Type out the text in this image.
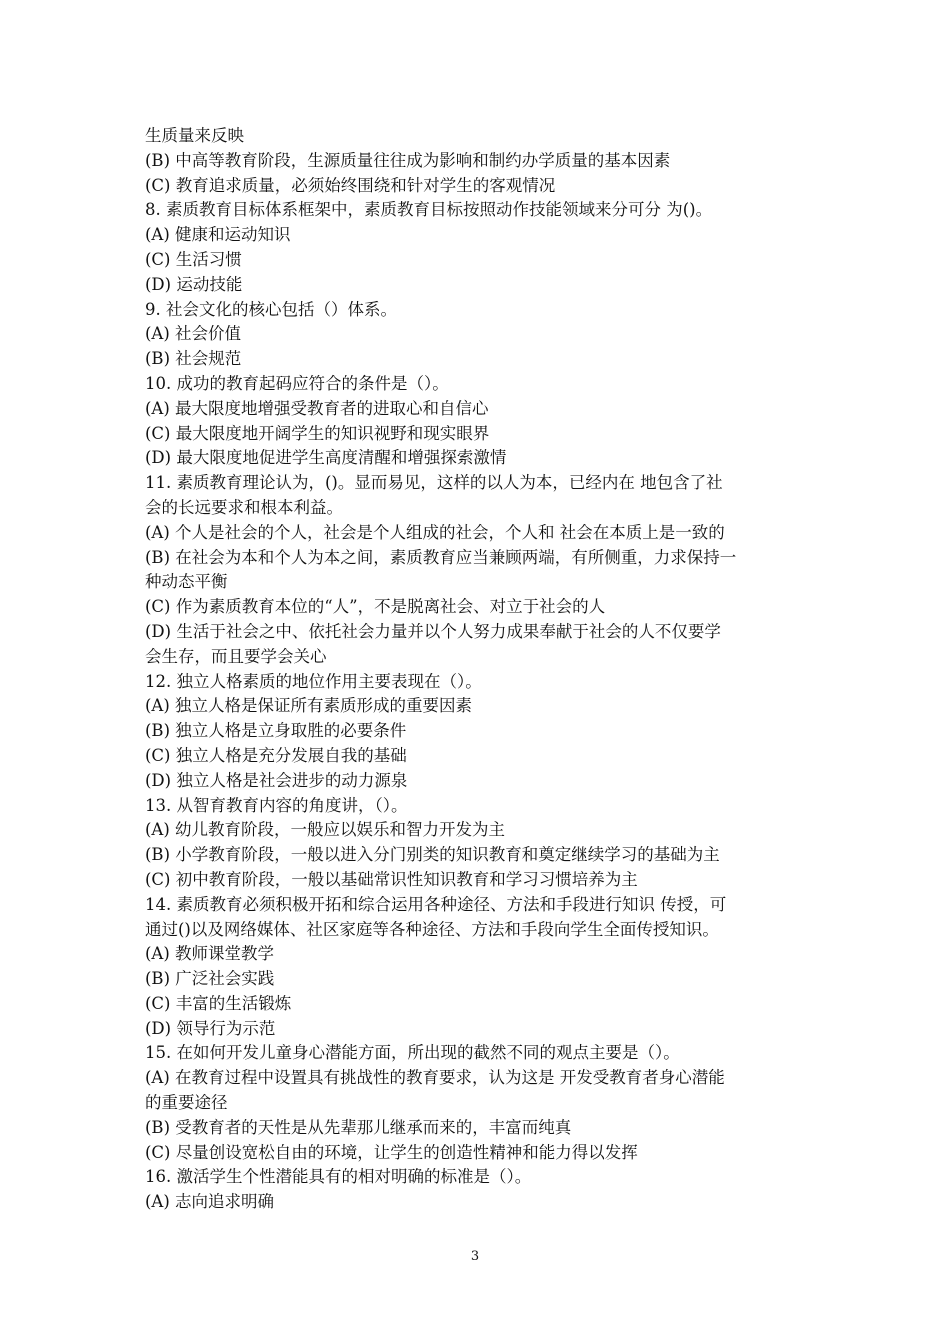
生质量来反映
(B) 中高等教育阶段，生源质量往往成为影响和制约办学质量的基本因素
(C) 教育追求质量，必须始终围绕和针对学生的客观情况
8. 素质教育目标体系框架中，素质教育目标按照动作技能领域来分可分 为()。
(A) 健康和运动知识
(C) 生活习惯
(D) 运动技能
9. 社会文化的核心包括（）体系。
(A) 社会价值
(B) 社会规范
10. 成功的教育起码应符合的条件是（）。
(A) 最大限度地增强受教育者的进取心和自信心
(C) 最大限度地开阔学生的知识视野和现实眼界
(D) 最大限度地促进学生高度清醒和增强探索激情
11. 素质教育理论认为，()。显而易见，这样的以人为本，已经内在 地包含了社
会的长远要求和根本利益。
(A) 个人是社会的个人，社会是个人组成的社会，个人和 社会在本质上是一致的
(B) 在社会为本和个人为本之间，素质教育应当兼顾两端，有所侧重，力求保持一
种动态平衡
(C) 作为素质教育本位的“人”，不是脱离社会、对立于社会的人
(D) 生活于社会之中、依托社会力量并以个人努力成果奉献于社会的人不仅要学
会生存，而且要学会关心
12. 独立人格素质的地位作用主要表现在（）。
(A) 独立人格是保证所有素质形成的重要因素
(B) 独立人格是立身取胜的必要条件
(C) 独立人格是充分发展自我的基础
(D) 独立人格是社会进步的动力源泉
13. 从智育教育内容的角度讲，（）。
(A) 幼儿教育阶段，一般应以娱乐和智力开发为主
(B) 小学教育阶段，一般以进入分门别类的知识教育和奠定继续学习的基础为主
(C) 初中教育阶段，一般以基础常识性知识教育和学习习惯培养为主
14. 素质教育必须积极开拓和综合运用各种途径、方法和手段进行知识 传授，可
通过()以及网络媒体、社区家庭等各种途径、方法和手段向学生全面传授知识。
(A) 教师课堂教学
(B) 广泛社会实践
(C) 丰富的生活锻炼
(D) 领导行为示范
15. 在如何开发儿童身心潜能方面，所出现的截然不同的观点主要是（）。
(A) 在教育过程中设置具有挑战性的教育要求，认为这是 开发受教育者身心潜能
的重要途径
(B) 受教育者的天性是从先辈那儿继承而来的，丰富而纯真
(C) 尽量创设宽松自由的环境，让学生的创造性精神和能力得以发挥
16. 激活学生个性潜能具有的相对明确的标准是（）。
(A) 志向追求明确
3
